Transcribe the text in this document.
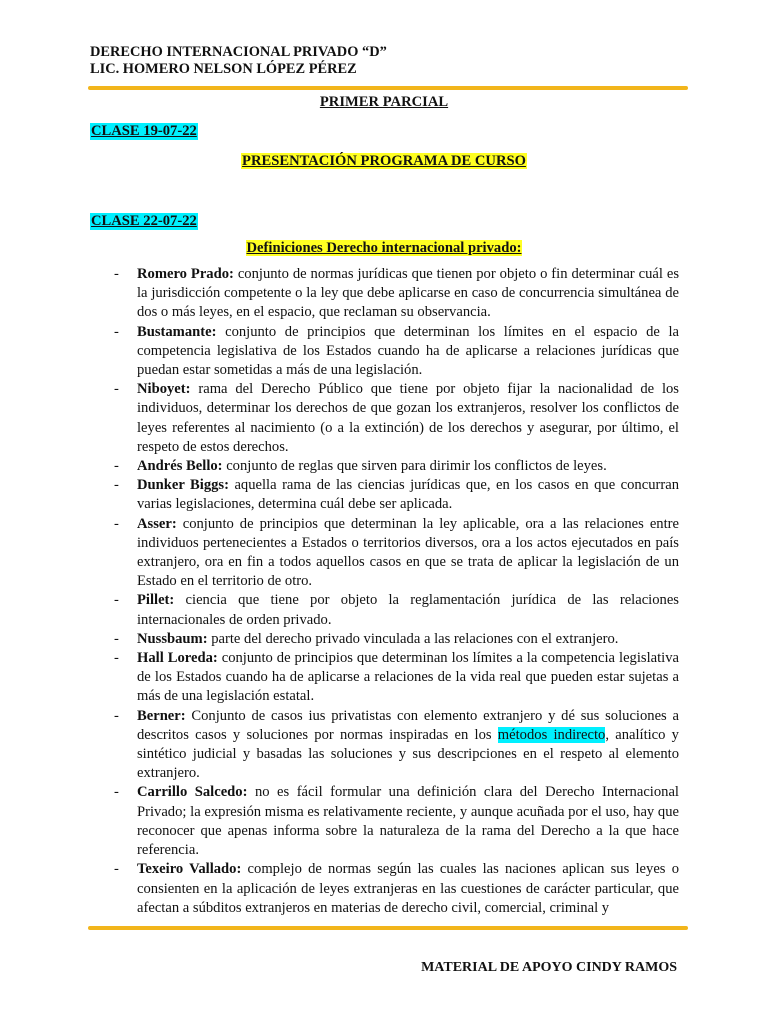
DERECHO INTERNACIONAL PRIVADO “D”
LIC. HOMERO NELSON LÓPEZ PÉREZ
PRIMER PARCIAL
CLASE 19-07-22
PRESENTACIÓN PROGRAMA DE CURSO
CLASE 22-07-22
Definiciones Derecho internacional privado:
- Romero Prado: conjunto de normas jurídicas que tienen por objeto o fin determinar cuál es la jurisdicción competente o la ley que debe aplicarse en caso de concurrencia simultánea de dos o más leyes, en el espacio, que reclaman su observancia.
- Bustamante: conjunto de principios que determinan los límites en el espacio de la competencia legislativa de los Estados cuando ha de aplicarse a relaciones jurídicas que puedan estar sometidas a más de una legislación.
- Niboyet: rama del Derecho Público que tiene por objeto fijar la nacionalidad de los individuos, determinar los derechos de que gozan los extranjeros, resolver los conflictos de leyes referentes al nacimiento (o a la extinción) de los derechos y asegurar, por último, el respeto de estos derechos.
- Andrés Bello: conjunto de reglas que sirven para dirimir los conflictos de leyes.
- Dunker Biggs: aquella rama de las ciencias jurídicas que, en los casos en que concurran varias legislaciones, determina cuál debe ser aplicada.
- Asser: conjunto de principios que determinan la ley aplicable, ora a las relaciones entre individuos pertenecientes a Estados o territorios diversos, ora a los actos ejecutados en país extranjero, ora en fin a todos aquellos casos en que se trata de aplicar la legislación de un Estado en el territorio de otro.
- Pillet: ciencia que tiene por objeto la reglamentación jurídica de las relaciones internacionales de orden privado.
- Nussbaum: parte del derecho privado vinculada a las relaciones con el extranjero.
- Hall Loreda: conjunto de principios que determinan los límites a la competencia legislativa de los Estados cuando ha de aplicarse a relaciones de la vida real que pueden estar sujetas a más de una legislación estatal.
- Berner: Conjunto de casos ius privatistas con elemento extranjero y dé sus soluciones a descritos casos y soluciones por normas inspiradas en los métodos indirecto, analítico y sintético judicial y basadas las soluciones y sus descripciones en el respeto al elemento extranjero.
- Carrillo Salcedo: no es fácil formular una definición clara del Derecho Internacional Privado; la expresión misma es relativamente reciente, y aunque acuñada por el uso, hay que reconocer que apenas informa sobre la naturaleza de la rama del Derecho a la que hace referencia.
- Texeiro Vallado: complejo de normas según las cuales las naciones aplican sus leyes o consienten en la aplicación de leyes extranjeras en las cuestiones de carácter particular, que afectan a súbditos extranjeros en materias de derecho civil, comercial, criminal y
MATERIAL DE APOYO CINDY RAMOS
